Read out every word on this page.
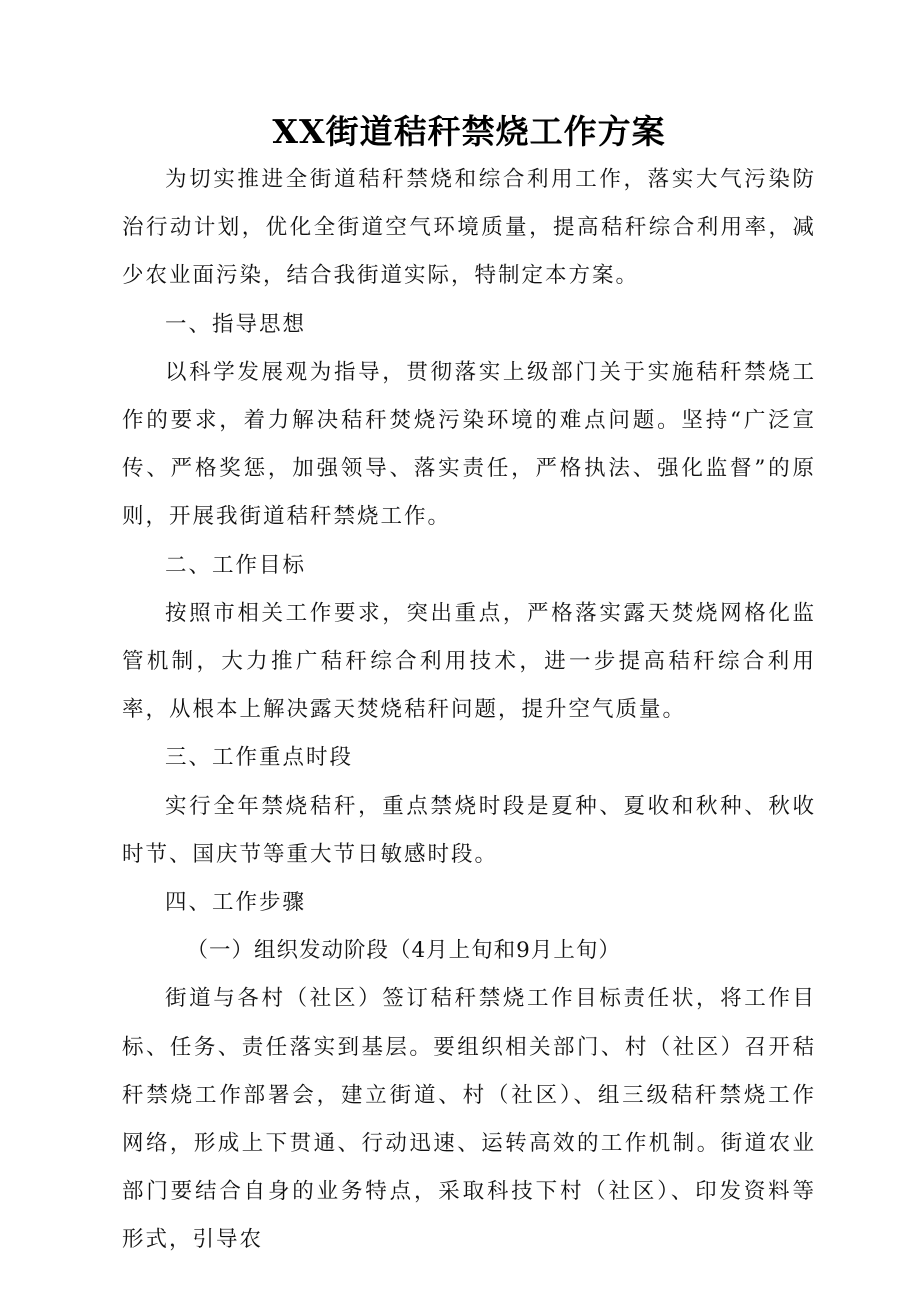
XX街道秸秆禁烧工作方案

为切实推进全街道秸秆禁烧和综合利用工作，落实大气污染防治行动计划，优化全街道空气环境质量，提高秸秆综合利用率，减少农业面污染，结合我街道实际，特制定本方案。

一、指导思想

以科学发展观为指导，贯彻落实上级部门关于实施秸秆禁烧工作的要求，着力解决秸秆焚烧污染环境的难点问题。坚持“广泛宣传、严格奖惩，加强领导、落实责任，严格执法、强化监督”的原则，开展我街道秸秆禁烧工作。

二、工作目标

按照市相关工作要求，突出重点，严格落实露天焚烧网格化监管机制，大力推广秸秆综合利用技术，进一步提高秸秆综合利用率，从根本上解决露天焚烧秸秆问题，提升空气质量。

三、工作重点时段

实行全年禁烧秸秆，重点禁烧时段是夏种、夏收和秋种、秋收时节、国庆节等重大节日敏感时段。

四、工作步骤

（一）组织发动阶段（4月上旬和9月上旬）

街道与各村（社区）签订秸秆禁烧工作目标责任状，将工作目标、任务、责任落实到基层。要组织相关部门、村（社区）召开秸秆禁烧工作部署会，建立街道、村（社区）、组三级秸秆禁烧工作网络，形成上下贯通、行动迅速、运转高效的工作机制。街道农业部门要结合自身的业务特点，采取科技下村（社区）、印发资料等形式，引导农
